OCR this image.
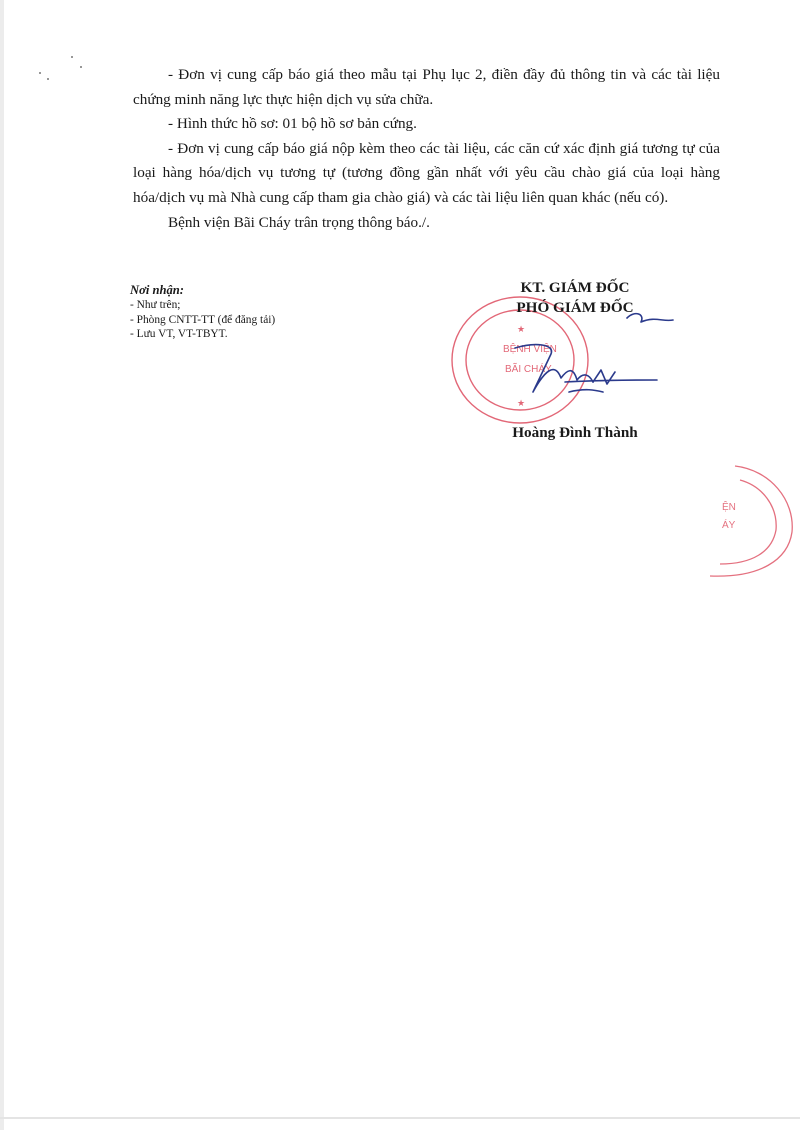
- Đơn vị cung cấp báo giá theo mẫu tại Phụ lục 2, điền đầy đủ thông tin và các tài liệu chứng minh năng lực thực hiện dịch vụ sửa chữa.

- Hình thức hồ sơ: 01 bộ hồ sơ bản cứng.

- Đơn vị cung cấp báo giá nộp kèm theo các tài liệu, các căn cứ xác định giá tương tự của loại hàng hóa/dịch vụ tương tự (tương đồng gần nhất với yêu cầu chào giá của loại hàng hóa/dịch vụ mà Nhà cung cấp tham gia chào giá) và các tài liệu liên quan khác (nếu có).

Bệnh viện Bãi Cháy trân trọng thông báo./.

Nơi nhận:
- Như trên;
- Phòng CNTT-TT (để đăng tải)
- Lưu VT, VT-TBYT.
BỆNH VIỆN
BÃI CHÁY
★
★
KT. GIÁM ĐỐC
PHÓ GIÁM ĐỐC
Hoàng Đình Thành
ỆN
ÁY
